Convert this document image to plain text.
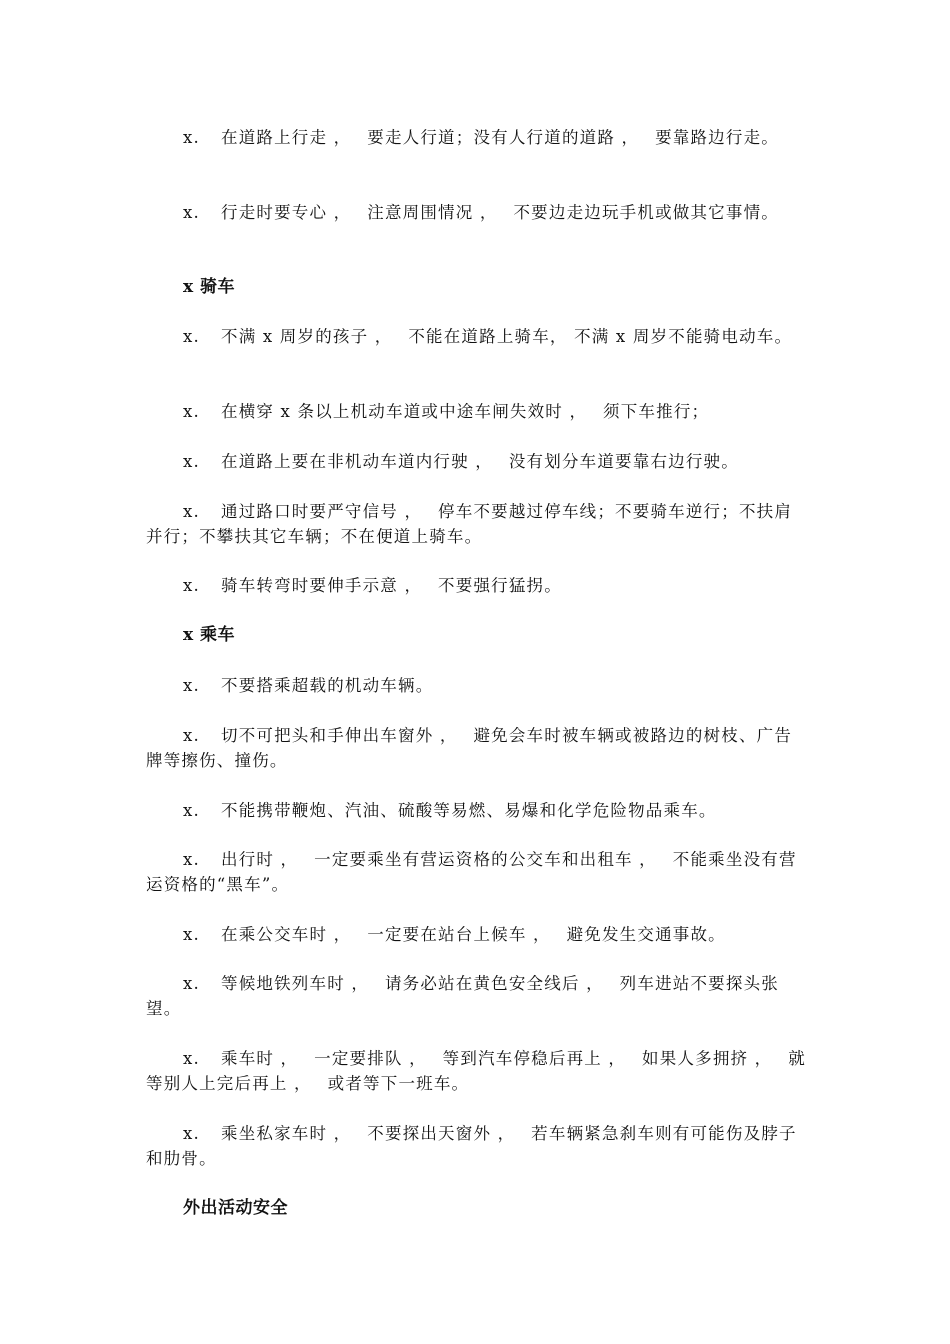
x. 在道路上行走 ，　 要走人行道；没有人行道的道路 ，　 要靠路边行走。

x. 行走时要专心 ，　 注意周围情况 ，　 不要边走边玩手机或做其它事情。

x 骑车

x. 不满 x 周岁的孩子 ，　 不能在道路上骑车， 不满 x 周岁不能骑电动车。

x. 在横穿 x 条以上机动车道或中途车闸失效时 ，　 须下车推行；

x. 在道路上要在非机动车道内行驶 ，　 没有划分车道要靠右边行驶。

x. 通过路口时要严守信号 ，　 停车不要越过停车线；不要骑车逆行；不扶肩并行；不攀扶其它车辆；不在便道上骑车。

x. 骑车转弯时要伸手示意 ，　 不要强行猛拐。

x 乘车

x. 不要搭乘超载的机动车辆。

x. 切不可把头和手伸出车窗外 ，　 避免会车时被车辆或被路边的树枝、广告牌等擦伤、撞伤。

x. 不能携带鞭炮、汽油、硫酸等易燃、易爆和化学危险物品乘车。

x. 出行时 ，　 一定要乘坐有营运资格的公交车和出租车 ，　 不能乘坐没有营运资格的“黑车”。

x. 在乘公交车时 ，　 一定要在站台上候车 ，　 避免发生交通事故。

x. 等候地铁列车时 ，　 请务必站在黄色安全线后 ，　 列车进站不要探头张望。

x. 乘车时 ，　 一定要排队 ，　 等到汽车停稳后再上 ，　 如果人多拥挤 ，　 就等别人上完后再上 ，　 或者等下一班车。

x. 乘坐私家车时 ，　 不要探出天窗外 ，　 若车辆紧急刹车则有可能伤及脖子和肋骨。

外出活动安全
